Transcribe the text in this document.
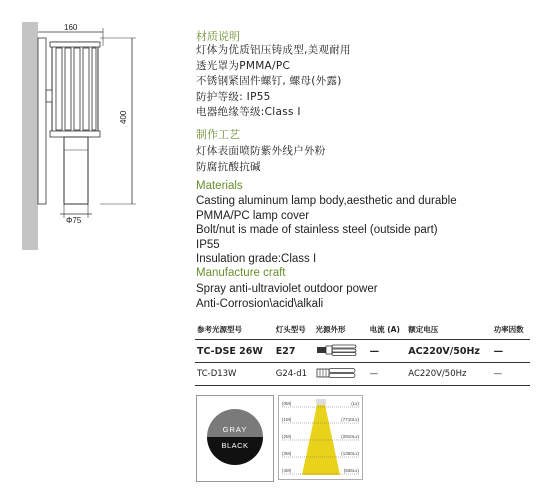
160
400
Φ75
材质说明
灯体为优质铝压铸成型,美观耐用
透光罩为PMMA/PC
不锈钢紧固件螺钉, 螺母(外露)
防护等级: IP55
电器绝缘等级:Class Ⅰ
制作工艺
灯体表面喷防紫外线户外粉
防腐抗酸抗碱
Materials
Casting aluminum lamp body,aesthetic and durable
PMMA/PC lamp cover
Bolt/nut is made of stainless steel (outside part)
IP55
Insulation grade:Class I
Manufacture craft
Spray anti-ultraviolet outdoor power
Anti-Corrosion\acid\alkali
参考光源型号	灯头型号	光源外形	电流 (A)	额定电压	功率因数
TC-DSE 26W	E27		—	AC220V/50Hz	—
TC-D13W	G24-d1		—	AC220V/50Hz	—
GRAY
BLACK
(0M)
(1M)
(2M)
(3M)
(4M)
(Lx)
(7710Lx)
(2910Lx)
(1350Lx)
(835Lx)
